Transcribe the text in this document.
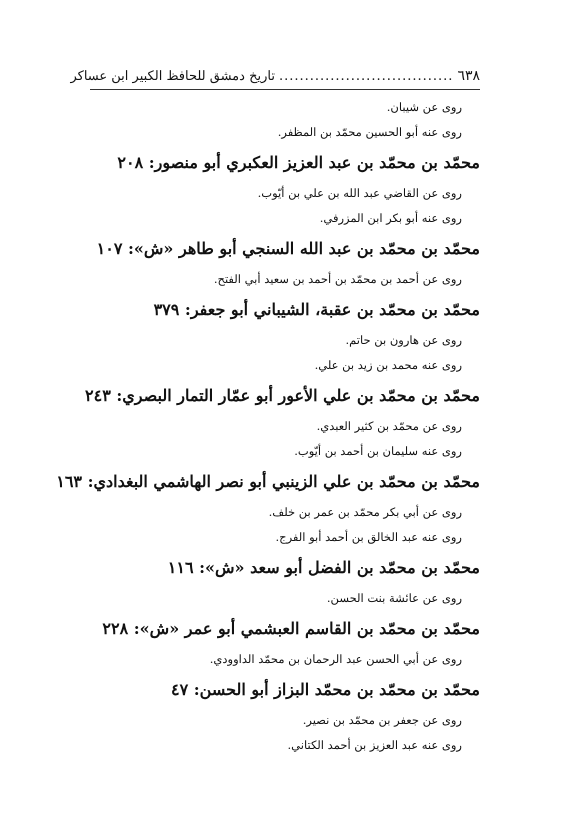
٦٣٨
..................................
تاريخ دمشق للحافظ الكبير ابن عساكر
روى عن شيبان.
روى عنه أبو الحسين محمّد بن المظفر.
محمّد بن محمّد بن عبد العزيز العكبري أبو منصور: ٢٠٨
روى عن القاضي عبد الله بن علي بن أيّوب.
روى عنه أبو بكر ابن المزرفي.
محمّد بن محمّد بن عبد الله السنجي أبو طاهر «ش»: ١٠٧
روى عن أحمد بن محمّد بن أحمد بن سعيد أبي الفتح.
محمّد بن محمّد بن عقبة، الشيباني أبو جعفر: ٣٧٩
روى عن هارون بن حاتم.
روى عنه محمد بن زيد بن علي.
محمّد بن محمّد بن علي الأعور أبو عمّار التمار البصري: ٢٤٣
روى عن محمّد بن كثير العبدي.
روى عنه سليمان بن أحمد بن أيّوب.
محمّد بن محمّد بن علي الزينبي أبو نصر الهاشمي البغدادي: ١٦٣
روى عن أبي بكر محمّد بن عمر بن خلف.
روى عنه عبد الخالق بن أحمد أبو الفرج.
محمّد بن محمّد بن الفضل أبو سعد «ش»: ١١٦
روى عن عائشة بنت الحسن.
محمّد بن محمّد بن القاسم العبشمي أبو عمر «ش»: ٢٢٨
روى عن أبي الحسن عبد الرحمان بن محمّد الداوودي.
محمّد بن محمّد بن محمّد البزاز أبو الحسن: ٤٧
روى عن جعفر بن محمّد بن نصير.
روى عنه عبد العزيز بن أحمد الكتاني.
